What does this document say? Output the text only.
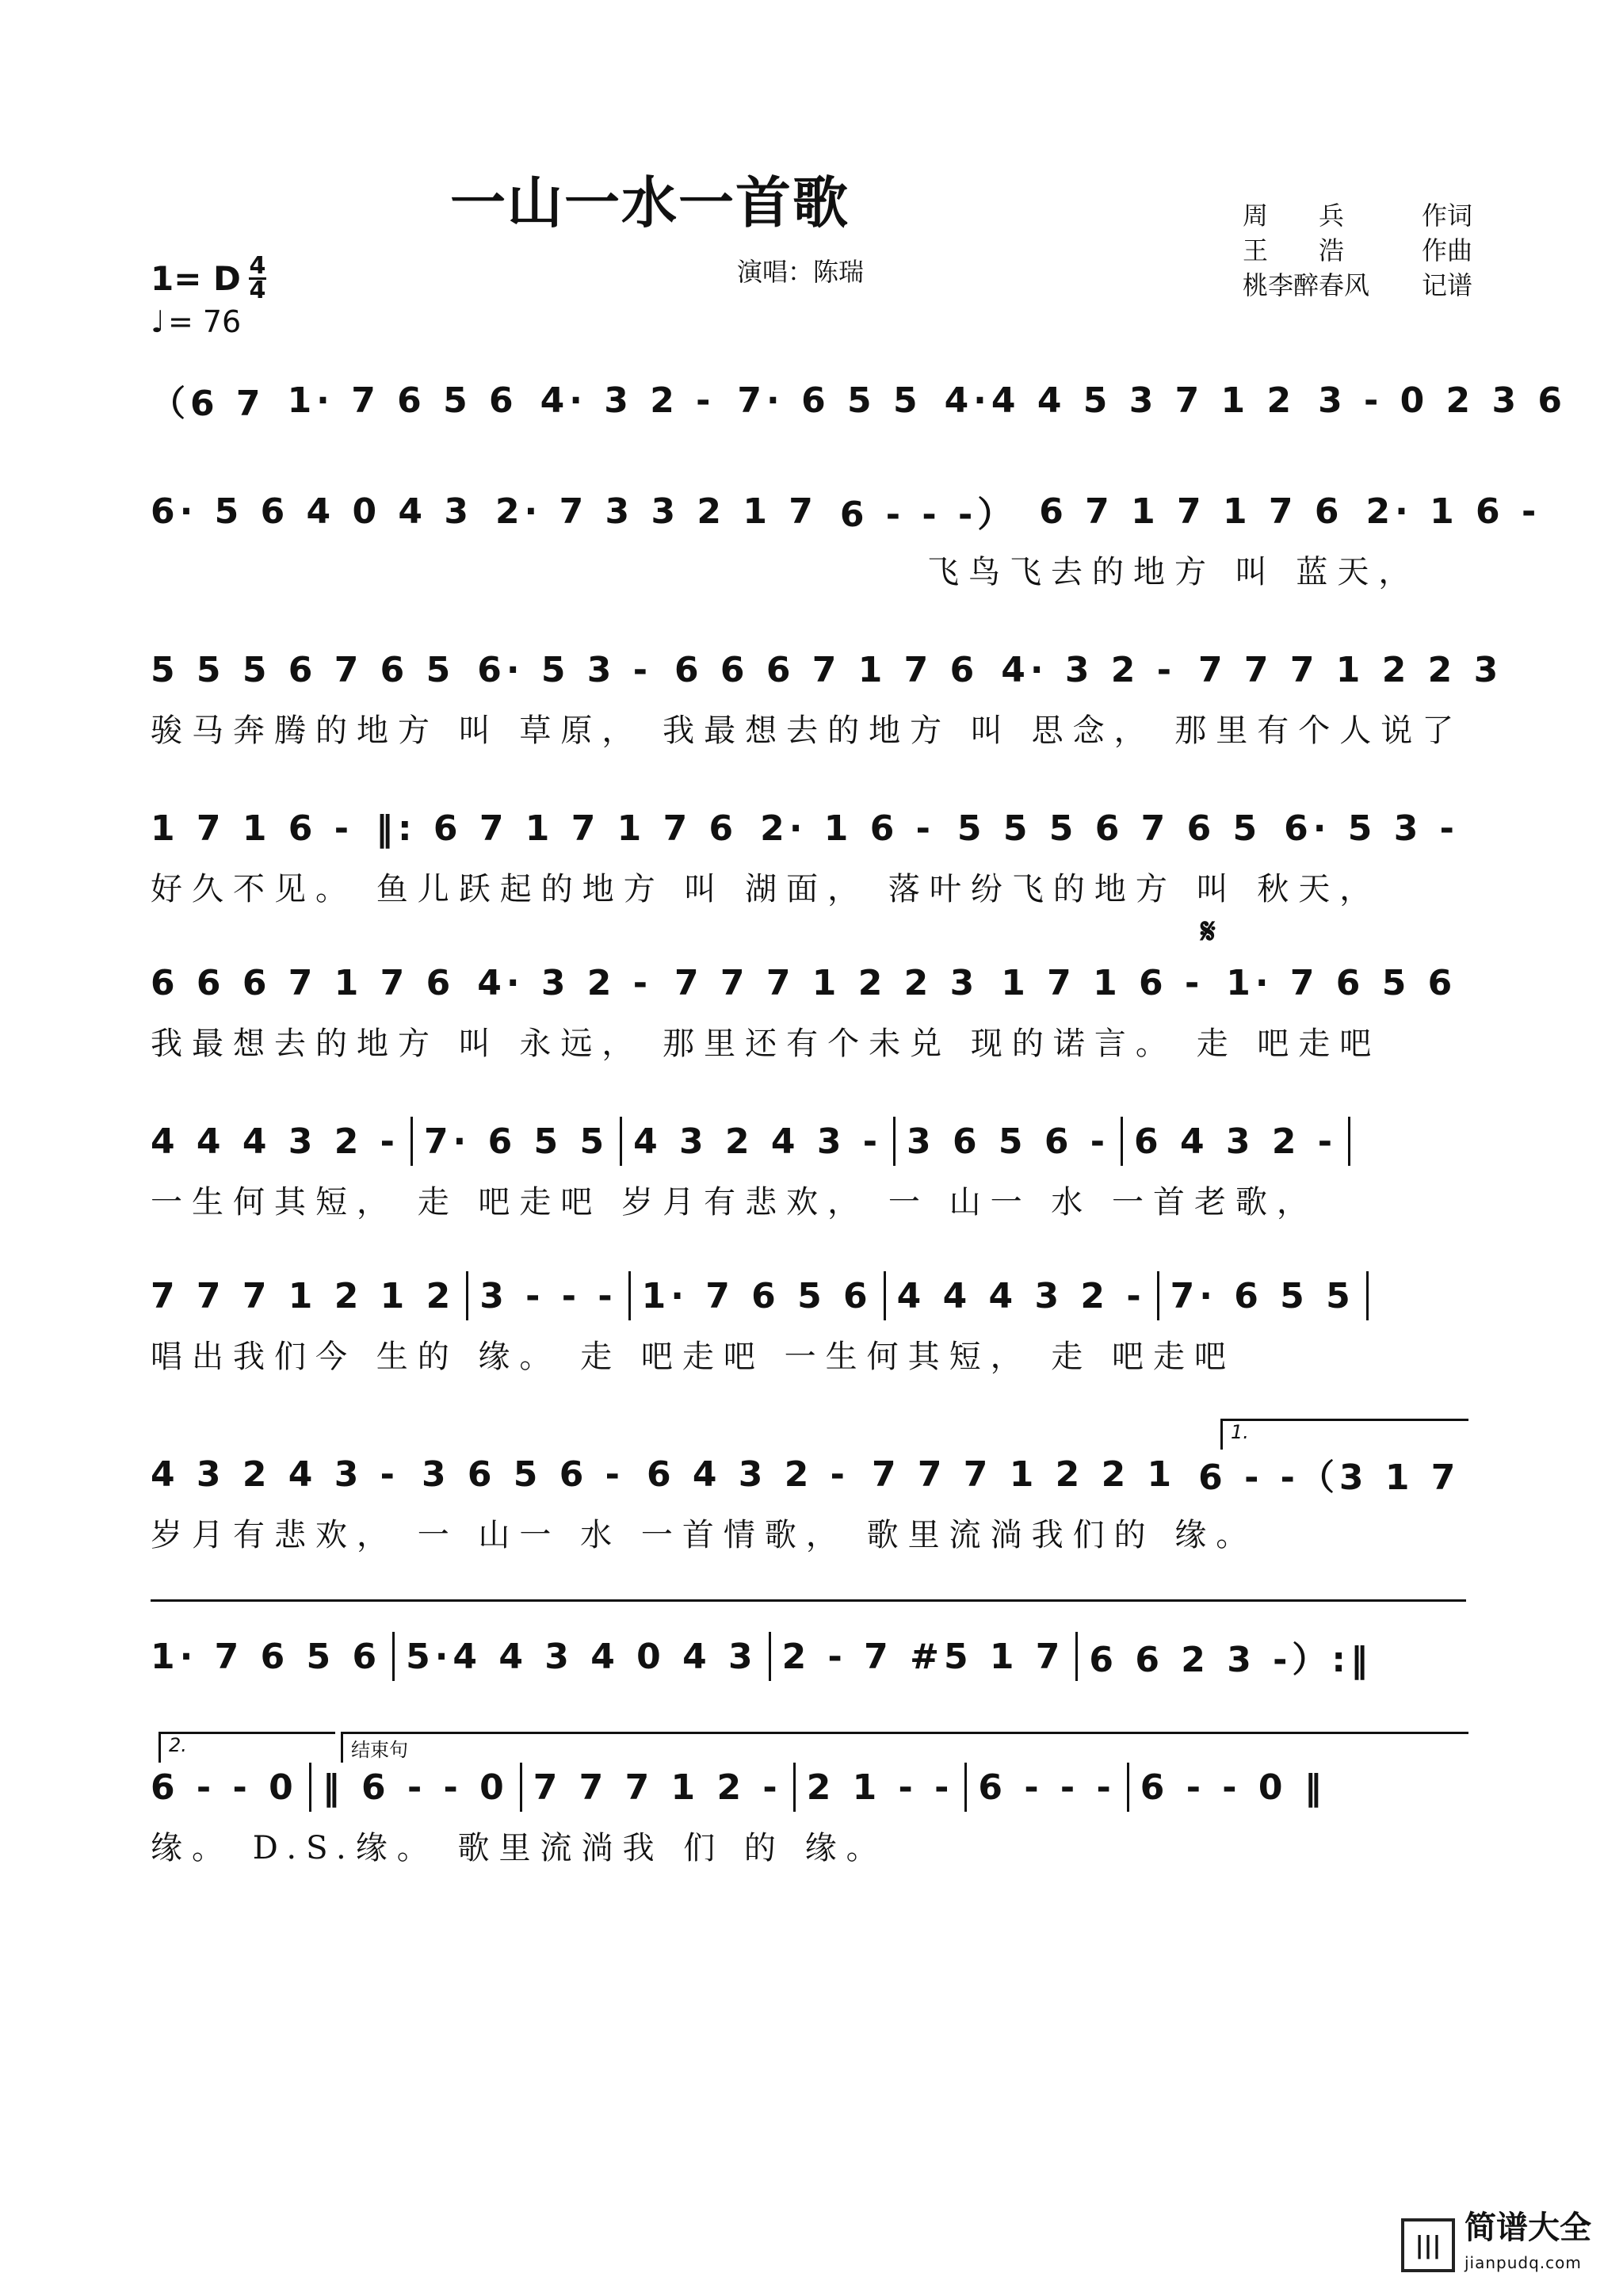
一山一水一首歌	周　　兵	作词
王　　浩	作曲
桃李醉春风 记谱
演唱：陈瑞
1= D 4
4
♩ = 76
（6 7 1· 7 6 5 6 4· 3 2 - 7· 6 5 5 4·4 4 5 3 7 1 2 3 - 0 2 3 6
6· 5 6 4 0 4 3 2· 7 3 3 2 1 7 6 - - -） 6 7 1 7 1 7 6 2· 1 6 -
飞鸟飞去的地方 叫 蓝天，
5 5 5 6 7 6 5 6· 5 3 - 6 6 6 7 1 7 6 4· 3 2 - 7 7 7 1 2 2 3
骏马奔腾的地方 叫 草原， 我最想去的地方 叫 思念， 那里有个人说了
1 7 1 6 - ‖: 6 7 1 7 1 7 6 2· 1 6 - 5 5 5 6 7 6 5 6· 5 3 -
好久不见。 鱼儿跃起的地方 叫 湖面， 落叶纷飞的地方 叫 秋天，
𝄋
6 6 6 7 1 7 6 4· 3 2 - 7 7 7 1 2 2 3 1 7 1 6 - 1· 7 6 5 6
我最想去的地方 叫 永远， 那里还有个未兑 现的诺言。 走 吧走吧
4 4 4 3 2 - 7· 6 5 5 4 3 2 4 3 - 3 6 5 6 - 6 4 3 2 -
一生何其短， 走 吧走吧 岁月有悲欢， 一 山一 水 一首老歌，
7 7 7 1 2 1 2 3 - - - 1· 7 6 5 6 4 4 4 3 2 - 7· 6 5 5
唱出我们今 生的 缘。 走 吧走吧 一生何其短， 走 吧走吧
1.
4 3 2 4 3 - 3 6 5 6 - 6 4 3 2 - 7 7 7 1 2 2 1 6 - -（3 1 7
岁月有悲欢， 一 山一 水 一首情歌， 歌里流淌我们的 缘。
1· 7 6 5 6 5·4 4 3 4 0 4 3 2 - 7 #5 1 7 6 6 2 3 -）:‖
2.	结束句
6 - - 0 ‖ 6 - - 0 7 7 7 1 2 - 2 1 - - 6 - - - 6 - - 0 ‖
缘。 D.S.缘。 歌里流淌我 们 的 缘。
||| 简谱大全
jianpudq.com
